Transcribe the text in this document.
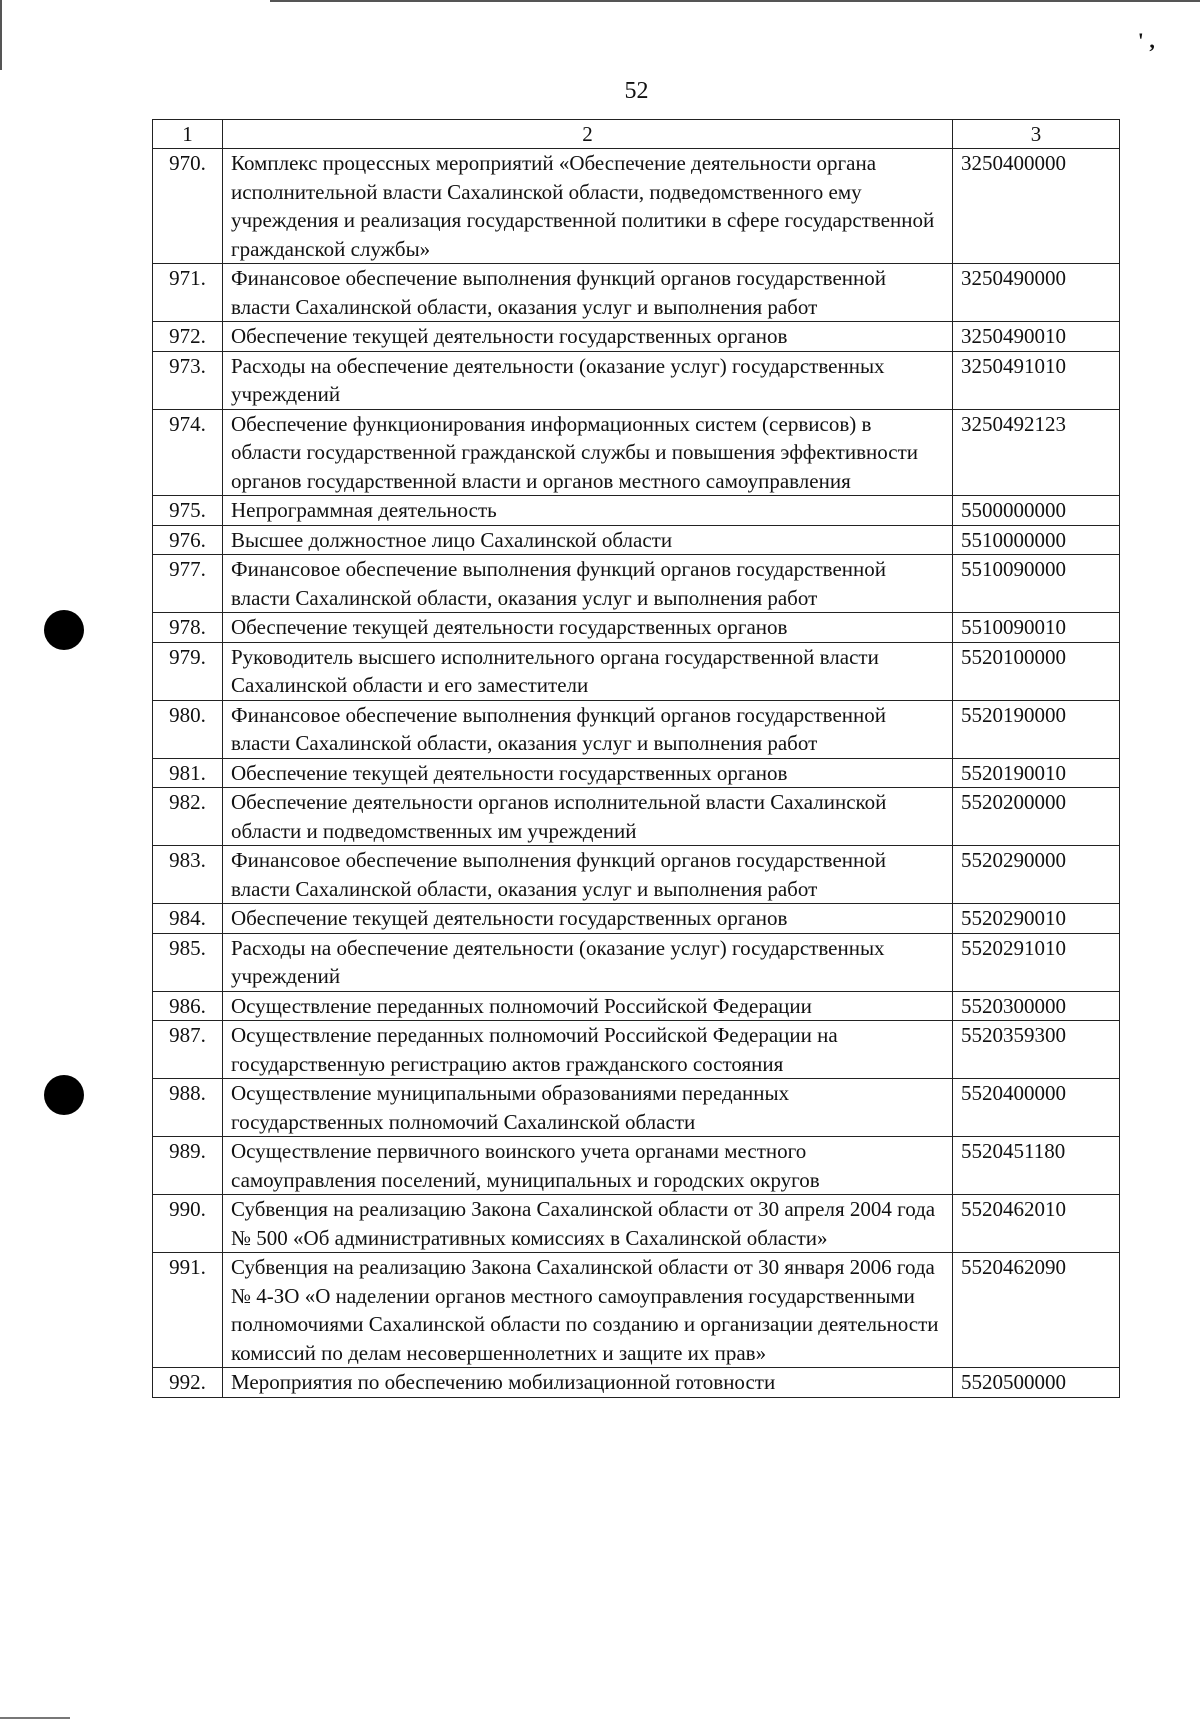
' ,ﾞ
52
1	2	3
970.	Комплекс процессных мероприятий «Обеспечение деятельности органа исполнительной власти Сахалинской области, подведомственного ему учреждения и реализация государственной политики в сфере государственной гражданской службы»	3250400000
971.	Финансовое обеспечение выполнения функций органов государственной власти Сахалинской области, оказания услуг и выполнения работ	3250490000
972.	Обеспечение текущей деятельности государственных органов	3250490010
973.	Расходы на обеспечение деятельности (оказание услуг) государственных учреждений	3250491010
974.	Обеспечение функционирования информационных систем (сервисов) в области государственной гражданской службы и повышения эффективности органов государственной власти и органов местного самоуправления	3250492123
975.	Непрограммная деятельность	5500000000
976.	Высшее должностное лицо Сахалинской области	5510000000
977.	Финансовое обеспечение выполнения функций органов государственной власти Сахалинской области, оказания услуг и выполнения работ	5510090000
978.	Обеспечение текущей деятельности государственных органов	5510090010
979.	Руководитель высшего исполнительного органа государственной власти Сахалинской области и его заместители	5520100000
980.	Финансовое обеспечение выполнения функций органов государственной власти Сахалинской области, оказания услуг и выполнения работ	5520190000
981.	Обеспечение текущей деятельности государственных органов	5520190010
982.	Обеспечение деятельности органов исполнительной власти Сахалинской области и подведомственных им учреждений	5520200000
983.	Финансовое обеспечение выполнения функций органов государственной власти Сахалинской области, оказания услуг и выполнения работ	5520290000
984.	Обеспечение текущей деятельности государственных органов	5520290010
985.	Расходы на обеспечение деятельности (оказание услуг) государственных учреждений	5520291010
986.	Осуществление переданных полномочий Российской Федерации	5520300000
987.	Осуществление переданных полномочий Российской Федерации на государственную регистрацию актов гражданского состояния	5520359300
988.	Осуществление муниципальными образованиями переданных государственных полномочий Сахалинской области	5520400000
989.	Осуществление первичного воинского учета органами местного самоуправления поселений, муниципальных и городских округов	5520451180
990.	Субвенция на реализацию Закона Сахалинской области от 30 апреля 2004 года № 500 «Об административных комиссиях в Сахалинской области»	5520462010
991.	Субвенция на реализацию Закона Сахалинской области от 30 января 2006 года № 4-ЗО «О наделении органов местного самоуправления государственными полномочиями Сахалинской области по созданию и организации деятельности комиссий по делам несовершеннолетних и защите их прав»	5520462090
992.	Мероприятия по обеспечению мобилизационной готовности	5520500000
